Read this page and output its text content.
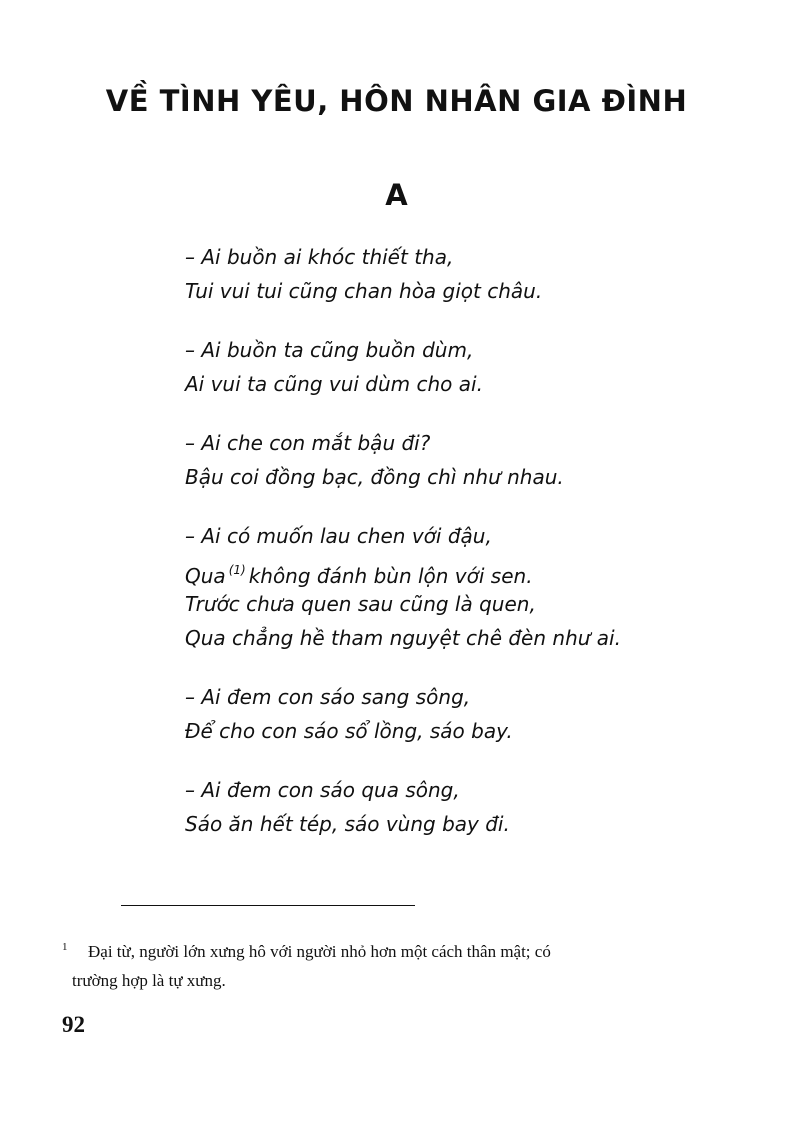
VỀ TÌNH YÊU, HÔN NHÂN GIA ĐÌNH
A
– Ai buồn ai khóc thiết tha,
Tui vui tui cũng chan hòa giọt châu.
– Ai buồn ta cũng buồn dùm,
Ai vui ta cũng vui dùm cho ai.
– Ai che con mắt bậu đi?
Bậu coi đồng bạc, đồng chì như nhau.
– Ai có muốn lau chen với đậu,
Qua $^{(1)}$ không đánh bùn lộn với sen.
Trước chưa quen sau cũng là quen,
Qua chẳng hề tham nguyệt chê đèn như ai.
– Ai đem con sáo sang sông,
Để cho con sáo sổ lồng, sáo bay.
– Ai đem con sáo qua sông,
Sáo ăn hết tép, sáo vùng bay đi.
1 Đại từ, người lớn xưng hô với người nhỏ hơn một cách thân mật; có
trường hợp là tự xưng.
92
